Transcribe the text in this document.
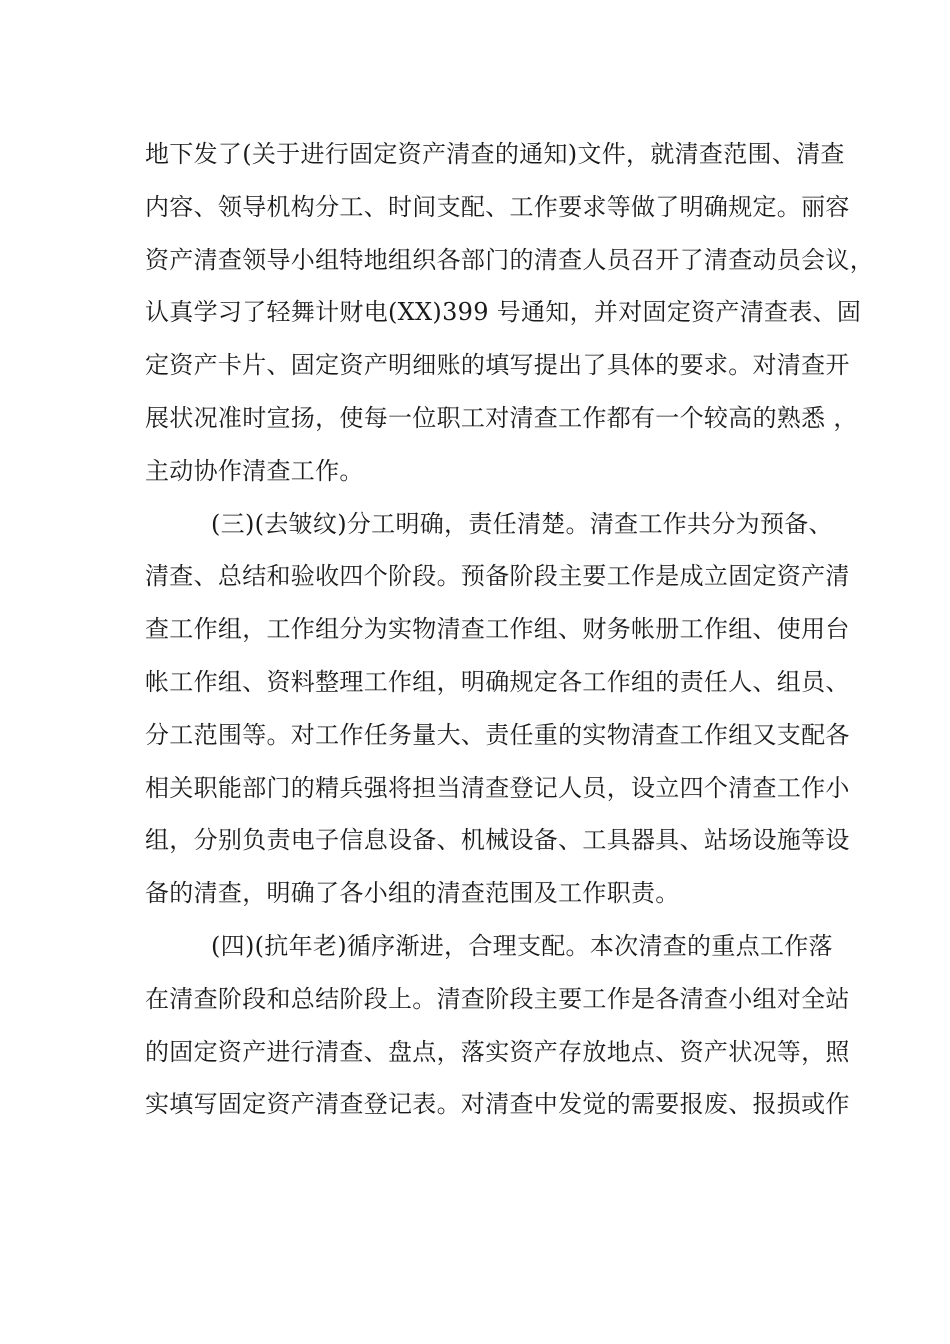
地下发了(关于进行固定资产清查的通知)文件，就清查范围、清查
内容、领导机构分工、时间支配、工作要求等做了明确规定。丽容
资产清查领导小组特地组织各部门的清查人员召开了清查动员会议，
认真学习了轻舞计财电(XX)399 号通知，并对固定资产清查表、固
定资产卡片、固定资产明细账的填写提出了具体的要求。对清查开
展状况准时宣扬，使每一位职工对清查工作都有一个较高的熟悉 ，
主动协作清查工作。
(三)(去皱纹)分工明确，责任清楚。清查工作共分为预备、
清查、总结和验收四个阶段。预备阶段主要工作是成立固定资产清
查工作组，工作组分为实物清查工作组、财务帐册工作组、使用台
帐工作组、资料整理工作组，明确规定各工作组的责任人、组员、
分工范围等。对工作任务量大、责任重的实物清查工作组又支配各
相关职能部门的精兵强将担当清查登记人员，设立四个清查工作小
组，分别负责电子信息设备、机械设备、工具器具、站场设施等设
备的清查，明确了各小组的清查范围及工作职责。
(四)(抗年老)循序渐进，合理支配。本次清查的重点工作落
在清查阶段和总结阶段上。清查阶段主要工作是各清查小组对全站
的固定资产进行清查、盘点，落实资产存放地点、资产状况等，照
实填写固定资产清查登记表。对清查中发觉的需要报废、报损或作
